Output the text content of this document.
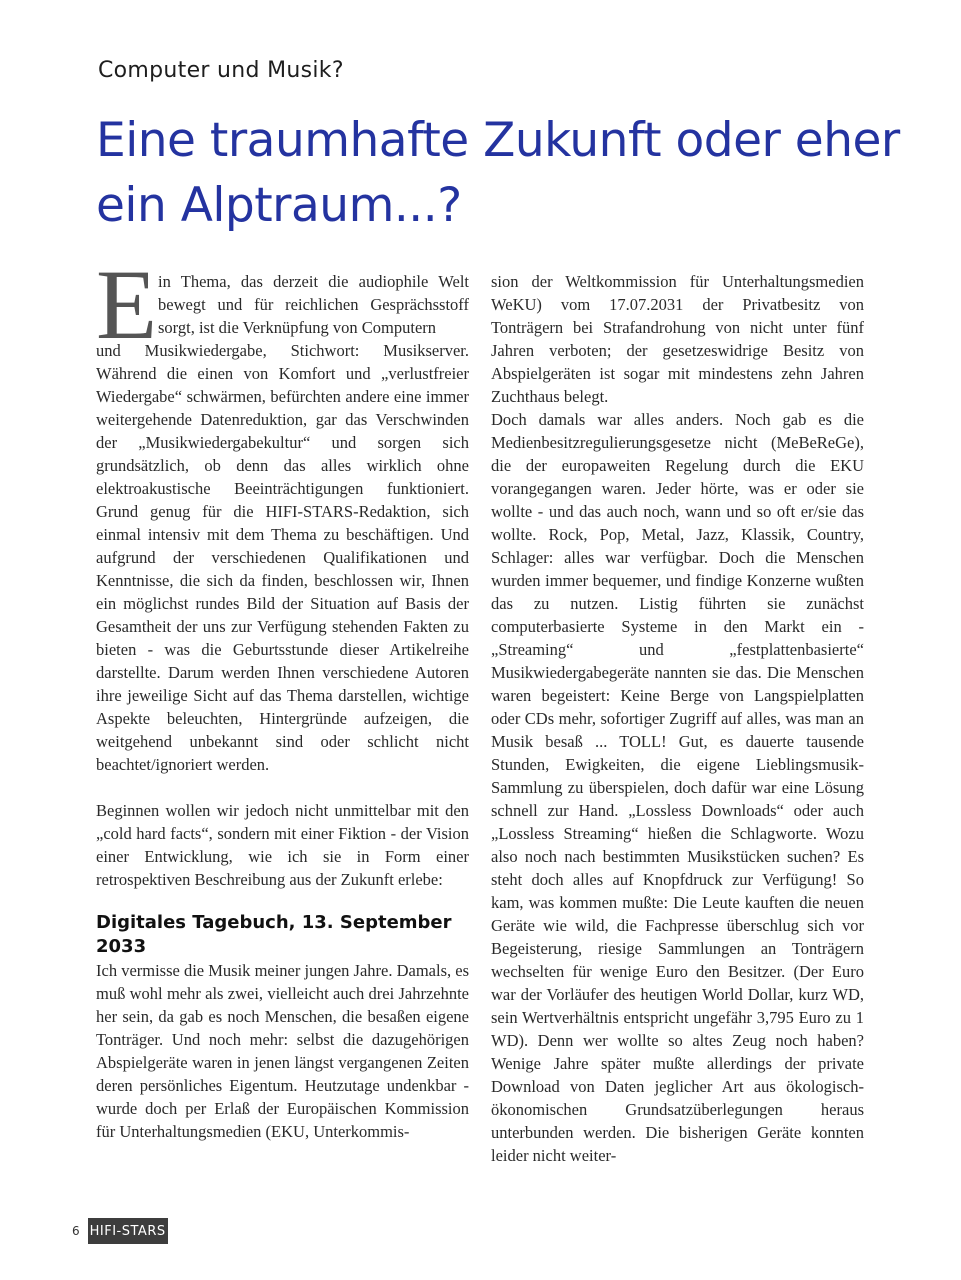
Computer und Musik?
Eine traumhafte Zukunft oder eher ein Alptraum...?
E in Thema, das derzeit die audiophile Welt bewegt und für reichlichen Gesprächsstoff sorgt, ist die Verknüpfung von Computern

und Musikwiedergabe, Stichwort: Musikserver. Während die einen von Komfort und „verlustfreier Wiedergabe“ schwärmen, befürchten andere eine immer weitergehende Datenreduktion, gar das Verschwinden der „Musikwiedergabekultur“ und sorgen sich grundsätzlich, ob denn das alles wirklich ohne elektroakustische Beeinträchtigungen funktioniert. Grund genug für die HIFI-STARS-Redaktion, sich einmal intensiv mit dem Thema zu beschäftigen. Und aufgrund der verschiedenen Qualifikationen und Kenntnisse, die sich da finden, beschlossen wir, Ihnen ein möglichst rundes Bild der Situation auf Basis der Gesamtheit der uns zur Verfügung stehenden Fakten zu bieten - was die Geburtsstunde dieser Artikelreihe darstellte. Darum werden Ihnen verschiedene Autoren ihre jeweilige Sicht auf das Thema darstellen, wichtige Aspekte beleuchten, Hintergründe aufzeigen, die weitgehend unbekannt sind oder schlicht nicht beachtet/ignoriert werden.

Beginnen wollen wir jedoch nicht unmittelbar mit den „cold hard facts“, sondern mit einer Fiktion - der Vision einer Entwicklung, wie ich sie in Form einer retrospektiven Beschreibung aus der Zukunft erlebe:

Digitales Tagebuch, 13. September 2033

Ich vermisse die Musik meiner jungen Jahre. Damals, es muß wohl mehr als zwei, vielleicht auch drei Jahrzehnte her sein, da gab es noch Menschen, die besaßen eigene Tonträger. Und noch mehr: selbst die dazugehörigen Abspielgeräte waren in jenen längst vergangenen Zeiten deren persönliches Eigentum. Heutzutage undenkbar - wurde doch per Erlaß der Europäischen Kommission für Unterhaltungsmedien (EKU, Unterkommis-

sion der Weltkommission für Unterhaltungsmedien WeKU) vom 17.07.2031 der Privatbesitz von Tonträgern bei Strafandrohung von nicht unter fünf Jahren verboten; der gesetzeswidrige Besitz von Abspielgeräten ist sogar mit mindestens zehn Jahren Zuchthaus belegt.

Doch damals war alles anders. Noch gab es die Medienbesitzregulierungsgesetze nicht (MeBeReGe), die der europaweiten Regelung durch die EKU vorangegangen waren. Jeder hörte, was er oder sie wollte - und das auch noch, wann und so oft er/sie das wollte. Rock, Pop, Metal, Jazz, Klassik, Country, Schlager: alles war verfügbar. Doch die Menschen wurden immer bequemer, und findige Konzerne wußten das zu nutzen. Listig führten sie zunächst computerbasierte Systeme in den Markt ein - „Streaming“ und „festplattenbasierte“ Musikwiedergabegeräte nannten sie das. Die Menschen waren begeistert: Keine Berge von Langspielplatten oder CDs mehr, sofortiger Zugriff auf alles, was man an Musik besaß ... TOLL! Gut, es dauerte tausende Stunden, Ewigkeiten, die eigene Lieblingsmusik-Sammlung zu überspielen, doch dafür war eine Lösung schnell zur Hand. „Lossless Downloads“ oder auch „Lossless Streaming“ hießen die Schlagworte. Wozu also noch nach bestimmten Musikstücken suchen? Es steht doch alles auf Knopfdruck zur Verfügung! So kam, was kommen mußte: Die Leute kauften die neuen Geräte wie wild, die Fachpresse überschlug sich vor Begeisterung, riesige Sammlungen an Tonträgern wechselten für wenige Euro den Besitzer. (Der Euro war der Vorläufer des heutigen World Dollar, kurz WD, sein Wertverhältnis entspricht ungefähr 3,795 Euro zu 1 WD). Denn wer wollte so altes Zeug noch haben? Wenige Jahre später mußte allerdings der private Download von Daten jeglicher Art aus ökologisch-ökonomischen Grundsatzüberlegungen heraus unterbunden werden. Die bisherigen Geräte konnten leider nicht weiter-

6 HIFI-STARS
